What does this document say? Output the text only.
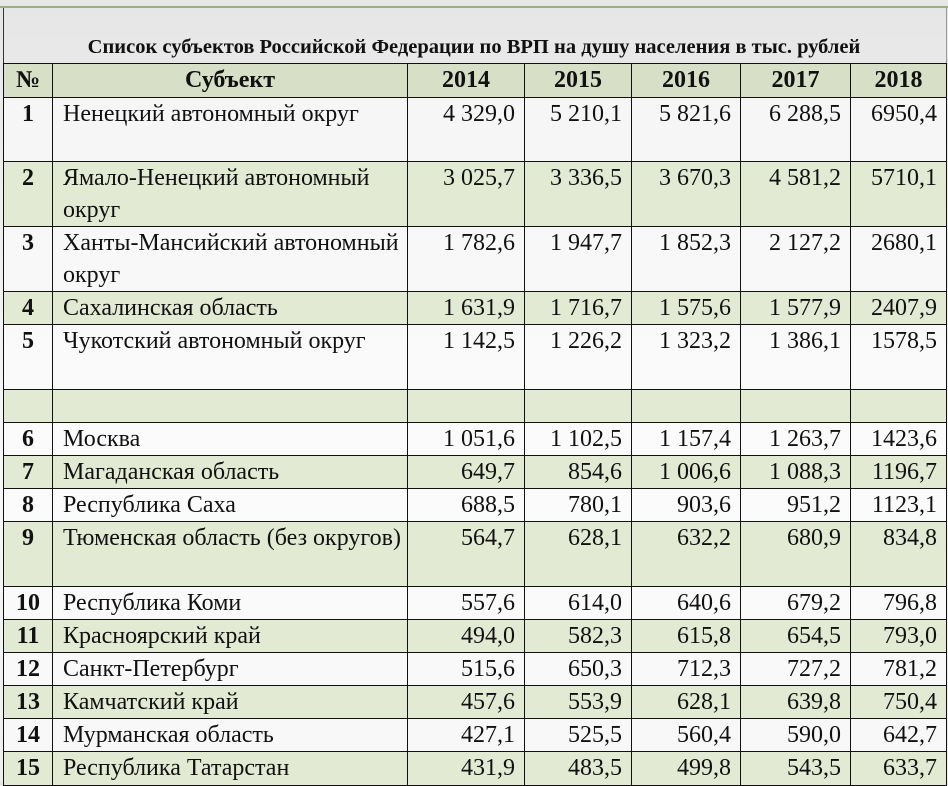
Список субъектов Российской Федерации по ВРП на душу населения в тыс. рублей
№	Субъект	2014	2015	2016	2017	2018
1	Ненецкий автономный округ	4 329,0	5 210,1	5 821,6	6 288,5	6950,4
2	Ямало-Ненецкий автономный округ	3 025,7	3 336,5	3 670,3	4 581,2	5710,1
3	Ханты-Мансийский автономный округ	1 782,6	1 947,7	1 852,3	2 127,2	2680,1
4	Сахалинская область	1 631,9	1 716,7	1 575,6	1 577,9	2407,9
5	Чукотский автономный округ	1 142,5	1 226,2	1 323,2	1 386,1	1578,5

6	Москва	1 051,6	1 102,5	1 157,4	1 263,7	1423,6
7	Магаданская область	649,7	854,6	1 006,6	1 088,3	1196,7
8	Республика Саха	688,5	780,1	903,6	951,2	1123,1
9	Тюменская область (без округов)	564,7	628,1	632,2	680,9	834,8
10	Республика Коми	557,6	614,0	640,6	679,2	796,8
11	Красноярский край	494,0	582,3	615,8	654,5	793,0
12	Санкт-Петербург	515,6	650,3	712,3	727,2	781,2
13	Камчатский край	457,6	553,9	628,1	639,8	750,4
14	Мурманская область	427,1	525,5	560,4	590,0	642,7
15	Республика Татарстан	431,9	483,5	499,8	543,5	633,7
